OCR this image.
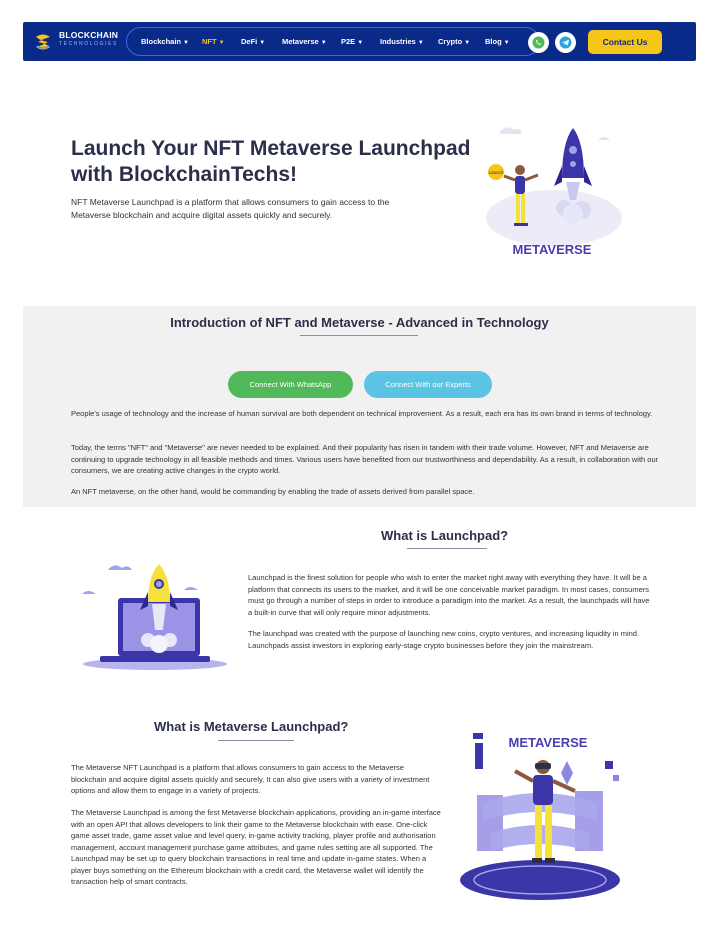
BLOCKCHAIN
TECHNOLOGIES	Blockchain ▼ NFT ▼ DeFi ▼ Metaverse ▼ P2E ▼ Industries ▼ Crypto ▼ Blog ▼	Contact Us
Launch Your NFT Metaverse Launchpad
with BlockchainTechs!
NFT Metaverse Launchpad is a platform that allows consumers to gain access to the Metaverse blockchain and acquire digital assets quickly and securely.
Launch
METAVERSE
Introduction of NFT and Metaverse - Advanced in Technology
Connect With WhatsApp	Connect With our Experts
People's usage of technology and the increase of human survival are both dependent on technical improvement. As a result, each era has its own brand in terms of technology.
Today, the terms "NFT" and "Metaverse" are never needed to be explained. And their popularity has risen in tandem with their trade volume. However, NFT and Metaverse are continuing to upgrade technology in all feasible methods and times. Various users have benefited from our trustworthiness and dependability. As a result, in collaboration with our consumers, we are creating active changes in the crypto world.
An NFT metaverse, on the other hand, would be commanding by enabling the trade of assets derived from parallel space.
What is Launchpad?
Launchpad is the finest solution for people who wish to enter the market right away with everything they have. It will be a platform that connects its users to the market, and it will be one conceivable market paradigm. In most cases, consumers must go through a number of steps in order to introduce a paradigm into the market. As a result, the launchpads will have a built-in curve that will only require minor adjustments.
The launchpad was created with the purpose of launching new coins, crypto ventures, and increasing liquidity in mind. Launchpads assist investors in exploring early-stage crypto businesses before they join the mainstream.
What is Metaverse Launchpad?
The Metaverse NFT Launchpad is a platform that allows consumers to gain access to the Metaverse blockchain and acquire digital assets quickly and securely. It can also give users with a variety of investment options and allow them to engage in a variety of projects.
The Metaverse Launchpad is among the first Metaverse blockchain applications, providing an in-game interface with an open API that allows developers to link their game to the Metaverse blockchain with ease. One-click game asset trade, game asset value and level query, in-game activity tracking, player profile and authorisation management, account management purchase game attributes, and game rules setting are all supported. The Launchpad may be set up to query blockchain transactions in real time and update in-game states. When a player buys something on the Ethereum blockchain with a credit card, the Metaverse wallet will identify the transaction help of smart contracts.
METAVERSE
